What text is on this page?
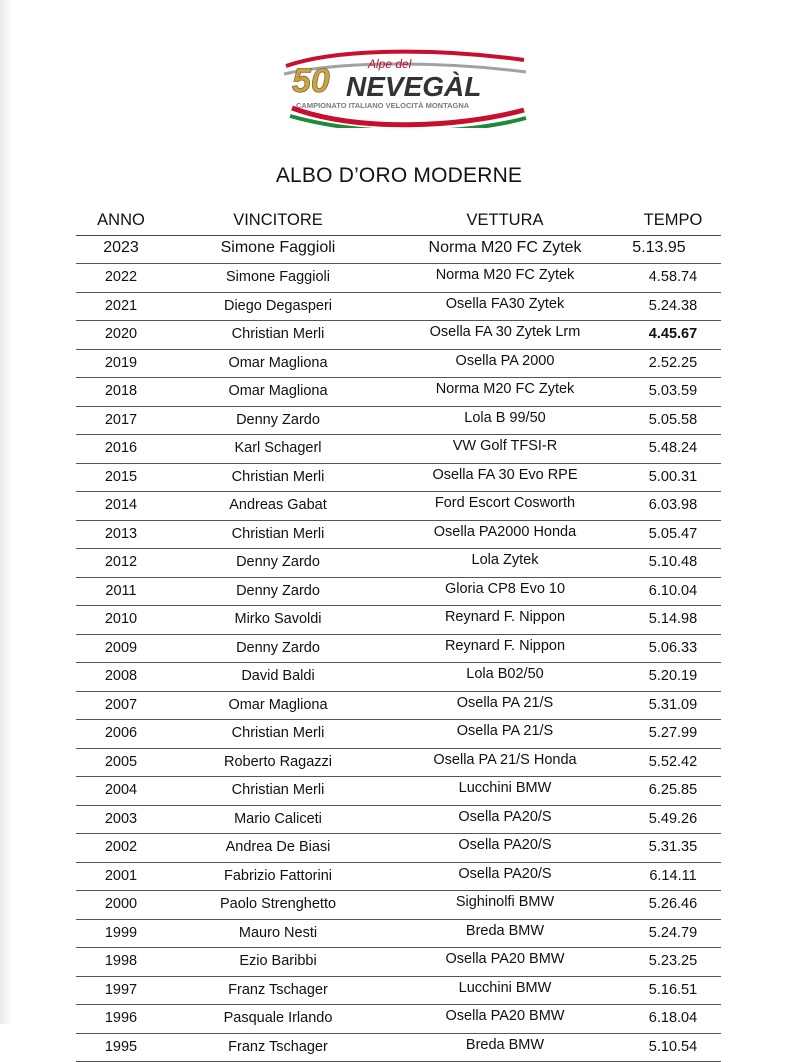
50	Alpe del
NEVEGÀL
CAMPIONATO ITALIANO VELOCITÀ MONTAGNA
ALBO D’ORO MODERNE
ANNO	VINCITORE	VETTURA	TEMPO
2023	Simone Faggioli	Norma M20 FC Zytek	5.13.95
2022	Simone Faggioli	Norma M20 FC Zytek	4.58.74
2021	Diego Degasperi	Osella FA30 Zytek	5.24.38
2020	Christian Merli	Osella FA 30 Zytek Lrm	4.45.67
2019	Omar Magliona	Osella PA 2000	2.52.25
2018	Omar Magliona	Norma M20 FC Zytek	5.03.59
2017	Denny Zardo	Lola B 99/50	5.05.58
2016	Karl Schagerl	VW Golf TFSI-R	5.48.24
2015	Christian Merli	Osella FA 30 Evo RPE	5.00.31
2014	Andreas Gabat	Ford Escort Cosworth	6.03.98
2013	Christian Merli	Osella PA2000 Honda	5.05.47
2012	Denny Zardo	Lola Zytek	5.10.48
2011	Denny Zardo	Gloria CP8 Evo 10	6.10.04
2010	Mirko Savoldi	Reynard F. Nippon	5.14.98
2009	Denny Zardo	Reynard F. Nippon	5.06.33
2008	David Baldi	Lola B02/50	5.20.19
2007	Omar Magliona	Osella PA 21/S	5.31.09
2006	Christian Merli	Osella PA 21/S	5.27.99
2005	Roberto Ragazzi	Osella PA 21/S Honda	5.52.42
2004	Christian Merli	Lucchini BMW	6.25.85
2003	Mario Caliceti	Osella PA20/S	5.49.26
2002	Andrea De Biasi	Osella PA20/S	5.31.35
2001	Fabrizio Fattorini	Osella PA20/S	6.14.11
2000	Paolo Strenghetto	Sighinolfi BMW	5.26.46
1999	Mauro Nesti	Breda BMW	5.24.79
1998	Ezio Baribbi	Osella PA20 BMW	5.23.25
1997	Franz Tschager	Lucchini BMW	5.16.51
1996	Pasquale Irlando	Osella PA20 BMW	6.18.04
1995	Franz Tschager	Breda BMW	5.10.54
